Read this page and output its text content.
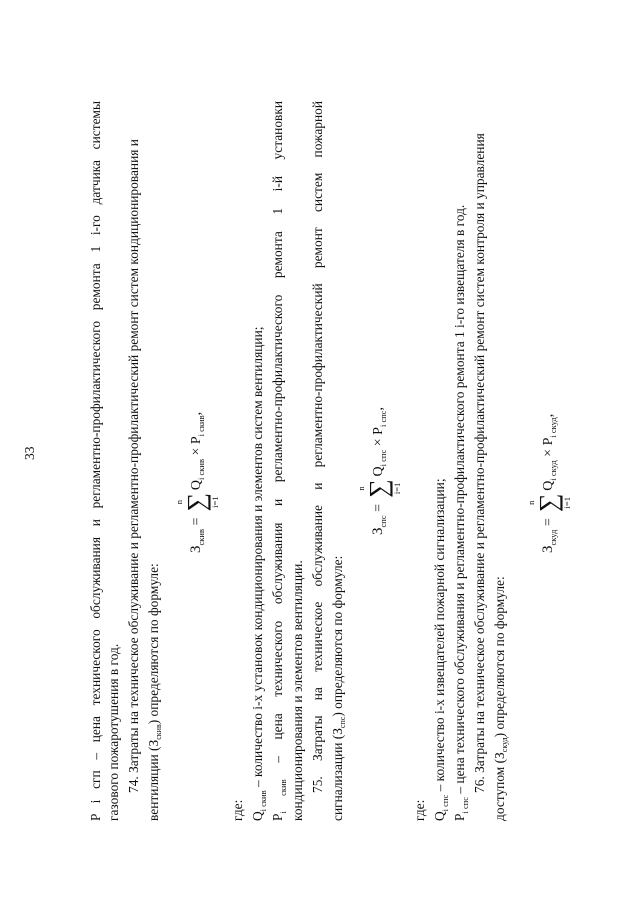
33	P i сгп – цена технического обслуживания и регламентно-профилактического ремонта 1 i-го датчика системы газового пожаротушения в год. 74. Затраты на техническое обслуживание и регламентно-профилактический ремонт систем кондиционирования и вентиляции $(З_{скив})$ определяются по формуле:
$З_{скив}$ =
n
∑ i=1
$Q_{i скив} \times P_{i скив}$,
где: $Q_{i скив}$ – количество i-х установок кондиционирования и элементов систем вентиляции;
$P_{i скив}$ – цена технического обслуживания и регламентно-профилактического ремонта 1 i-й установки кондиционирования и элементов вентиляции. 75. Затраты на техническое обслуживание и регламентно-профилактический ремонт систем пожарной сигнализации $(З_{спс})$ определяются по формуле:
$З_{спс}$ =
n
∑ i=1
$Q_{i спс} \times P_{i спс}$,
где: $Q_{i спс}$ – количество i-х извещателей пожарной сигнализации;
$P_{i спс}$ – цена технического обслуживания и регламентно-профилактического ремонта 1 i-го извещателя в год. 76. Затраты на техническое обслуживание и регламентно-профилактический ремонт систем контроля и управления доступом $(З_{скуд})$ определяются по формуле:
$З_{скуд}$ =
n
∑ i=1
$Q_{i скуд} \times P_{i скуд}$,
